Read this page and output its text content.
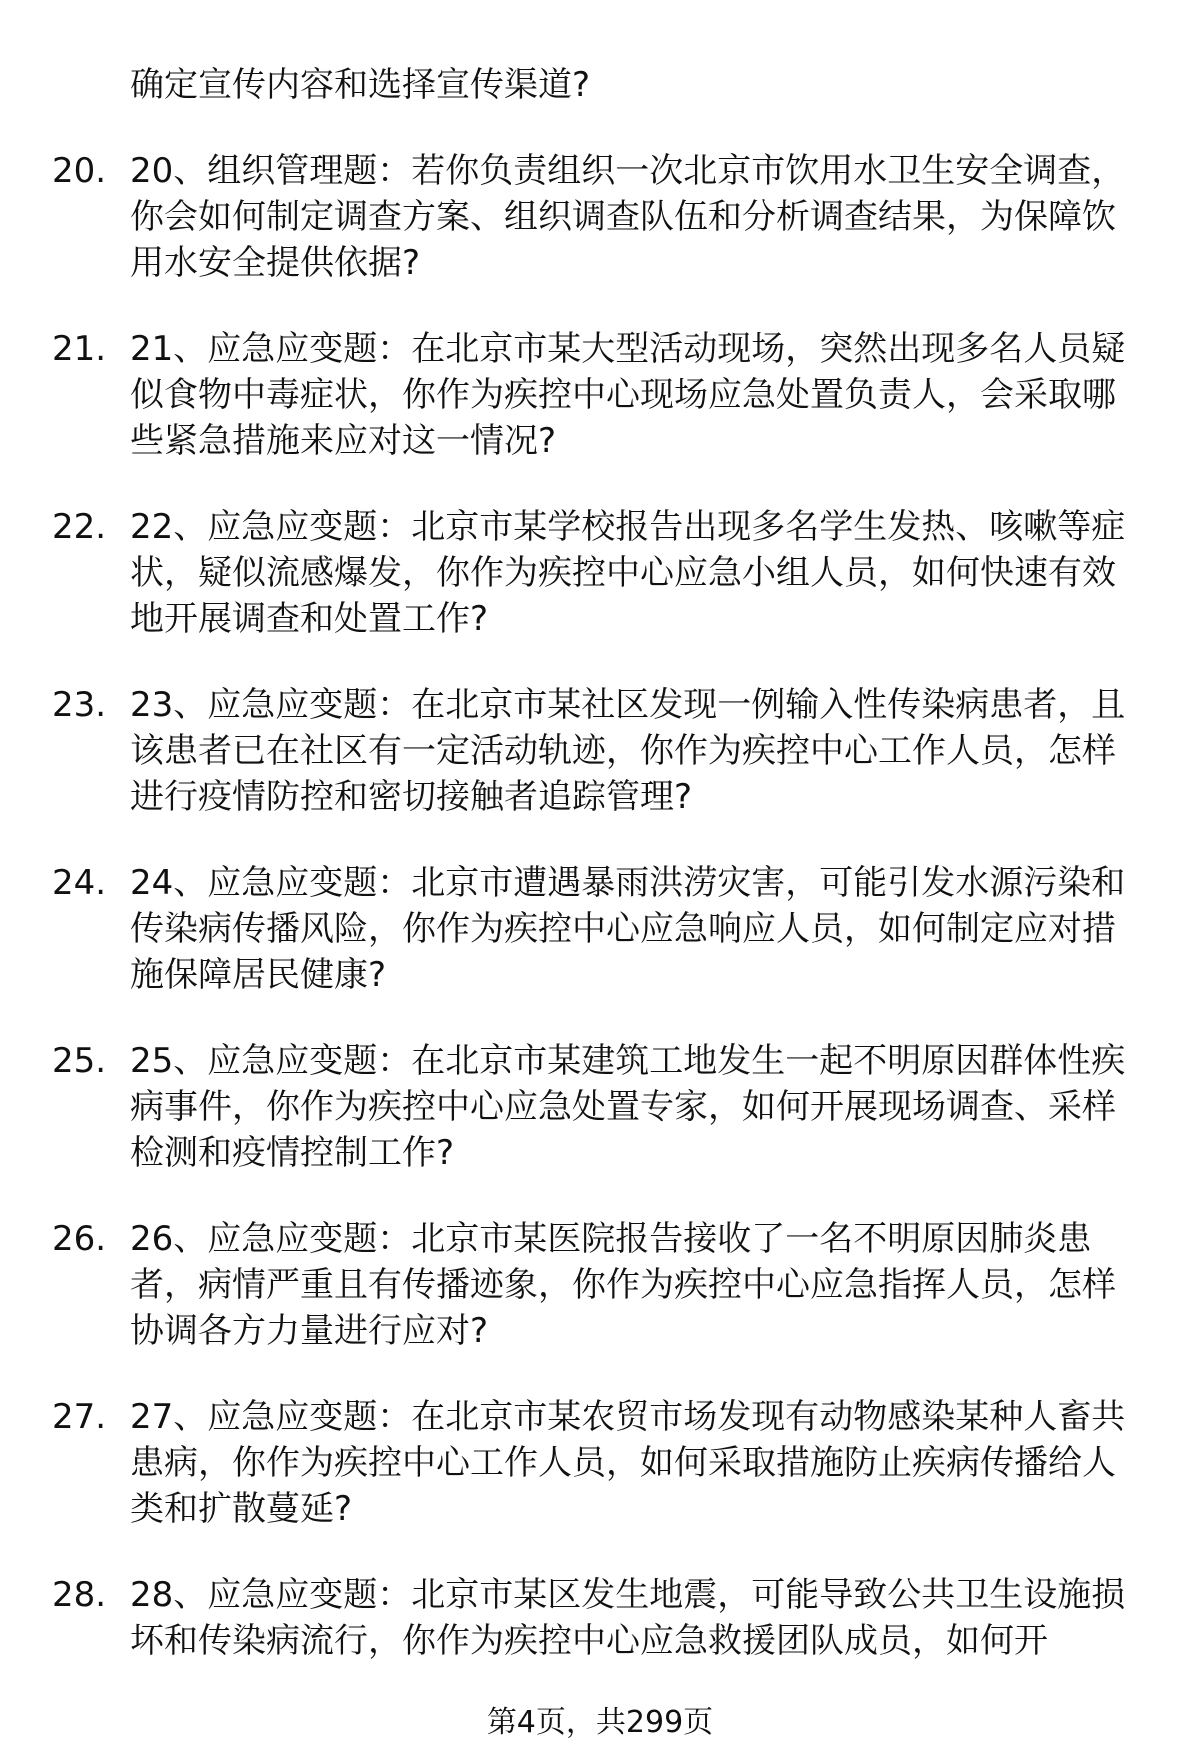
确定宣传内容和选择宣传渠道?
20. 20、组织管理题：若你负责组织一次北京市饮用水卫生安全调查，你会如何制定调查方案、组织调查队伍和分析调查结果，为保障饮用水安全提供依据?
21. 21、应急应变题：在北京市某大型活动现场，突然出现多名人员疑似食物中毒症状，你作为疾控中心现场应急处置负责人，会采取哪些紧急措施来应对这一情况?
22. 22、应急应变题：北京市某学校报告出现多名学生发热、咳嗽等症状，疑似流感爆发，你作为疾控中心应急小组人员，如何快速有效地开展调查和处置工作?
23. 23、应急应变题：在北京市某社区发现一例输入性传染病患者，且该患者已在社区有一定活动轨迹，你作为疾控中心工作人员，怎样进行疫情防控和密切接触者追踪管理?
24. 24、应急应变题：北京市遭遇暴雨洪涝灾害，可能引发水源污染和传染病传播风险，你作为疾控中心应急响应人员，如何制定应对措施保障居民健康?
25. 25、应急应变题：在北京市某建筑工地发生一起不明原因群体性疾病事件，你作为疾控中心应急处置专家，如何开展现场调查、采样检测和疫情控制工作?
26. 26、应急应变题：北京市某医院报告接收了一名不明原因肺炎患者，病情严重且有传播迹象，你作为疾控中心应急指挥人员，怎样协调各方力量进行应对?
27. 27、应急应变题：在北京市某农贸市场发现有动物感染某种人畜共患病，你作为疾控中心工作人员，如何采取措施防止疾病传播给人类和扩散蔓延?
28. 28、应急应变题：北京市某区发生地震，可能导致公共卫生设施损坏和传染病流行，你作为疾控中心应急救援团队成员，如何开
第4页，共299页
